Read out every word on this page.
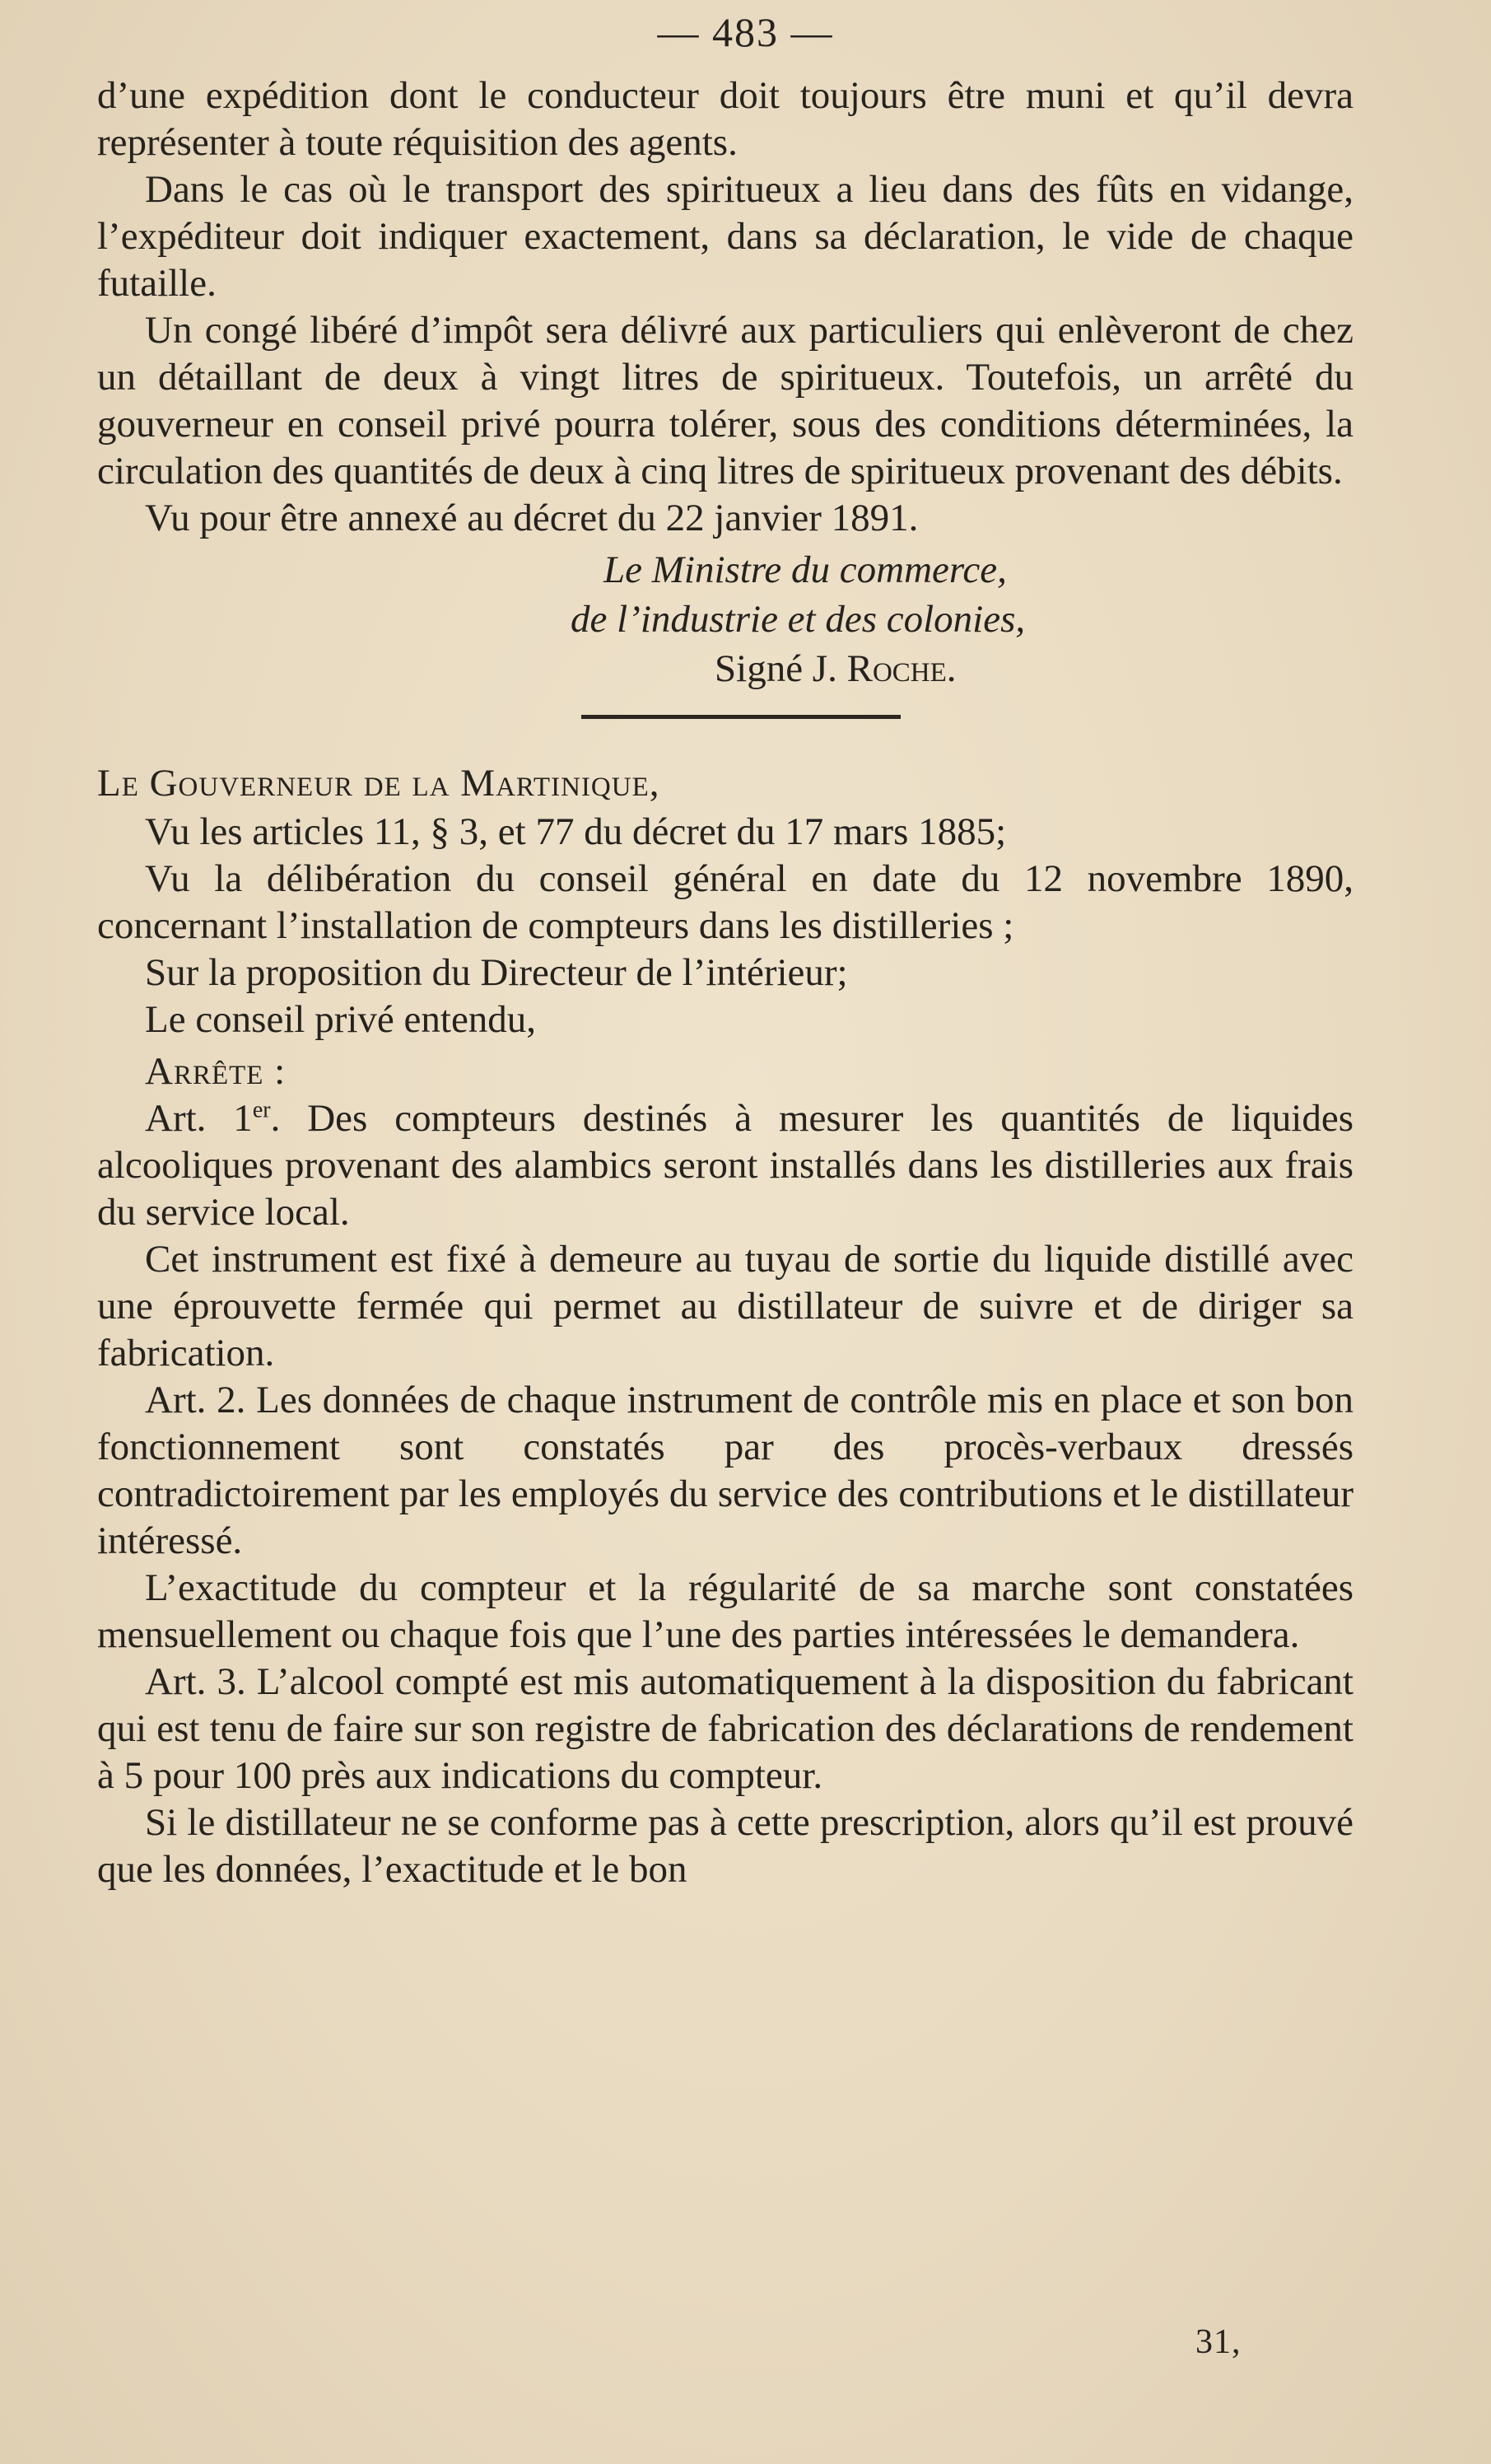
— 483 —

d’une expédition dont le conducteur doit toujours être muni et qu’il devra représenter à toute réquisition des agents.

Dans le cas où le transport des spiritueux a lieu dans des fûts en vidange, l’expéditeur doit indiquer exactement, dans sa déclaration, le vide de chaque futaille.

Un congé libéré d’impôt sera délivré aux particuliers qui enlèveront de chez un détaillant de deux à vingt litres de spiritueux. Toutefois, un arrêté du gouverneur en conseil privé pourra tolérer, sous des conditions déterminées, la circulation des quantités de deux à cinq litres de spiritueux provenant des débits.

Vu pour être annexé au décret du 22 janvier 1891.

Le Ministre du commerce,

de l’industrie et des colonies,

Signé J. Roche.

Le Gouverneur de la Martinique,

Vu les articles 11, § 3, et 77 du décret du 17 mars 1885;

Vu la délibération du conseil général en date du 12 novembre 1890, concernant l’installation de compteurs dans les distilleries ;

Sur la proposition du Directeur de l’intérieur;

Le conseil privé entendu,

Arrête :

Art. 1er. Des compteurs destinés à mesurer les quantités de liquides alcooliques provenant des alambics seront installés dans les distilleries aux frais du service local.

Cet instrument est fixé à demeure au tuyau de sortie du liquide distillé avec une éprouvette fermée qui permet au distillateur de suivre et de diriger sa fabrication.

Art. 2. Les données de chaque instrument de contrôle mis en place et son bon fonctionnement sont constatés par des procès-verbaux dressés contradictoirement par les employés du service des contributions et le distillateur intéressé.

L’exactitude du compteur et la régularité de sa marche sont constatées mensuellement ou chaque fois que l’une des parties intéressées le demandera.

Art. 3. L’alcool compté est mis automatiquement à la disposition du fabricant qui est tenu de faire sur son registre de fabrication des déclarations de rendement à 5 pour 100 près aux indications du compteur.

Si le distillateur ne se conforme pas à cette prescription, alors qu’il est prouvé que les données, l’exactitude et le bon

31,
